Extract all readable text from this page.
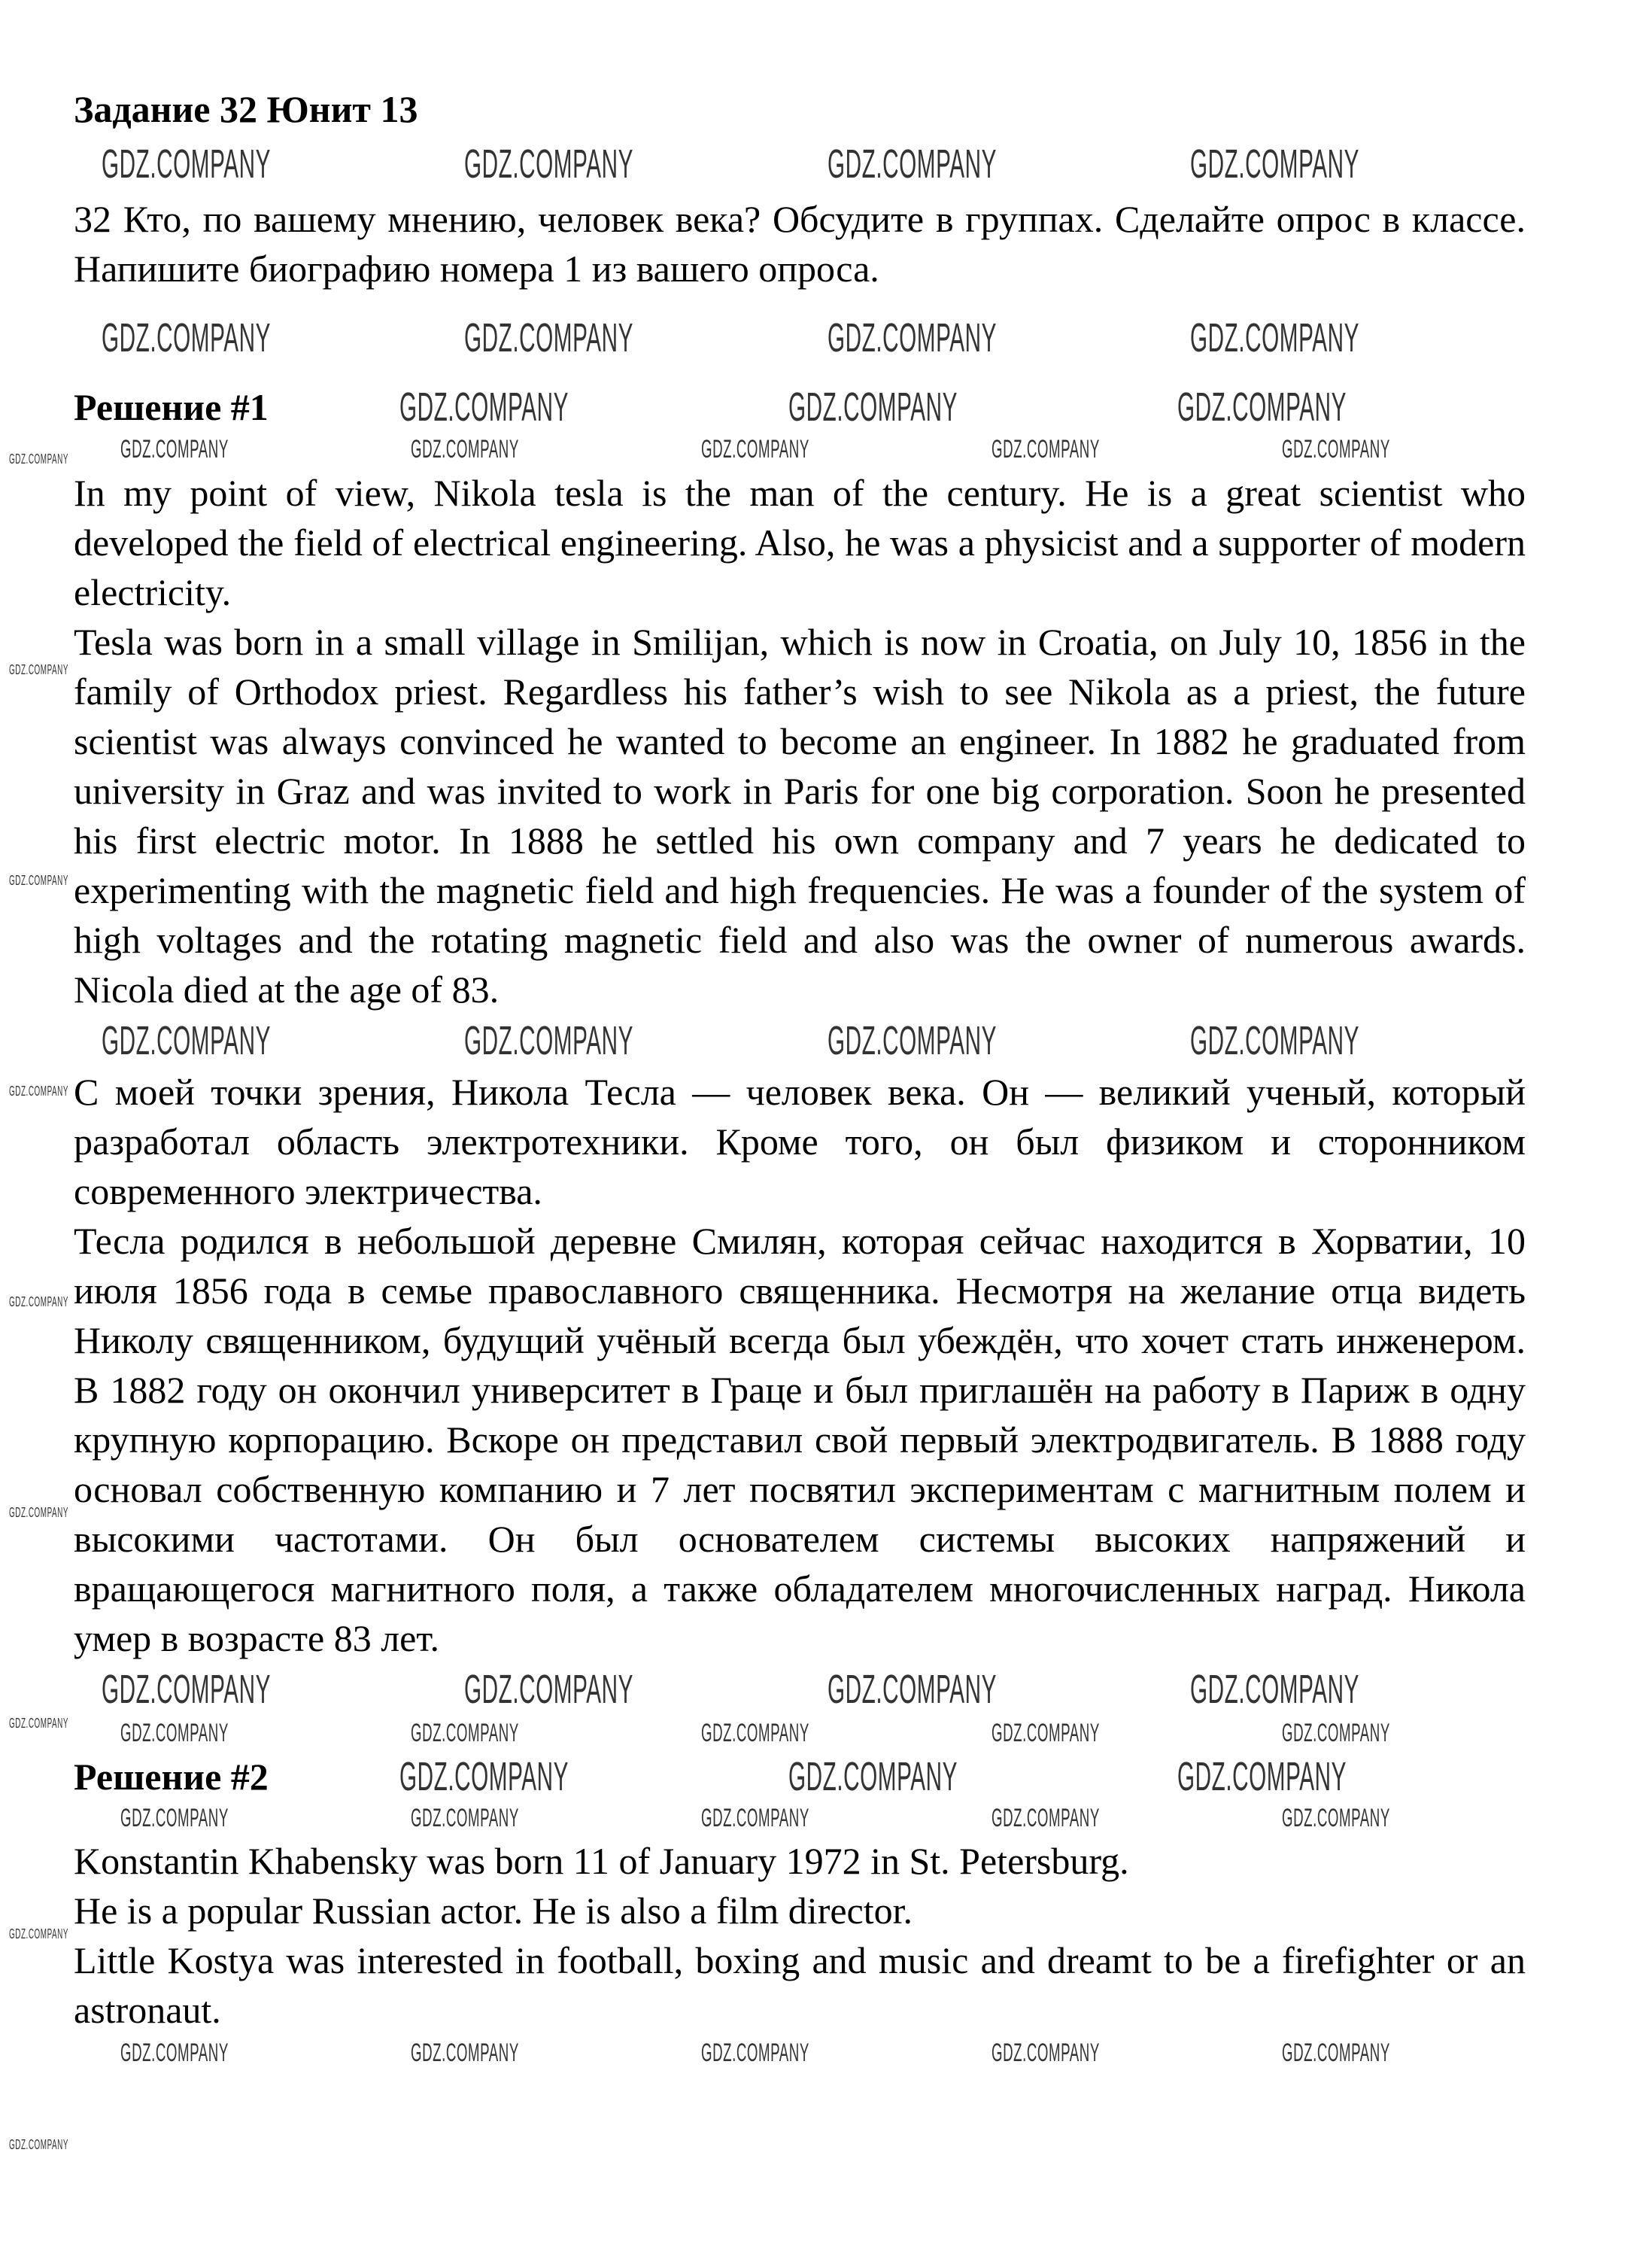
GDZ.COMPANY
GDZ.COMPANY
GDZ.COMPANY
GDZ.COMPANY
GDZ.COMPANY
GDZ.COMPANY
GDZ.COMPANY
GDZ.COMPANY
GDZ.COMPANY
Задание 32 Юнит 13
GDZ.COMPANY	GDZ.COMPANY	GDZ.COMPANY	GDZ.COMPANY

32 Кто, по вашему мнению, человек века? Обсудите в группах. Сделайте опрос в классе. Напишите биографию номера 1 из вашего опроса.

GDZ.COMPANY	GDZ.COMPANY	GDZ.COMPANY	GDZ.COMPANY
Решение #1	GDZ.COMPANY	GDZ.COMPANY	GDZ.COMPANY
GDZ.COMPANY	GDZ.COMPANY	GDZ.COMPANY	GDZ.COMPANY	GDZ.COMPANY

In my point of view, Nikola tesla is the man of the century. He is a great scientist who developed the field of electrical engineering. Also, he was a physicist and a supporter of modern electricity.

Tesla was born in a small village in Smilijan, which is now in Croatia, on July 10, 1856 in the family of Orthodox priest. Regardless his father’s wish to see Nikola as a priest, the future scientist was always convinced he wanted to become an engineer. In 1882 he graduated from university in Graz and was invited to work in Paris for one big corporation. Soon he presented his first electric motor. In 1888 he settled his own company and 7 years he dedicated to experimenting with the magnetic field and high frequencies. He was a founder of the system of high voltages and the rotating magnetic field and also was the owner of numerous awards. Nicola died at the age of 83.

GDZ.COMPANY	GDZ.COMPANY	GDZ.COMPANY	GDZ.COMPANY

С моей точки зрения, Никола Тесла — человек века. Он — великий ученый, который разработал область электротехники. Кроме того, он был физиком и сторонником современного электричества.

Тесла родился в небольшой деревне Смилян, которая сейчас находится в Хорватии, 10 июля 1856 года в семье православного священника. Несмотря на желание отца видеть Николу священником, будущий учёный всегда был убеждён, что хочет стать инженером. В 1882 году он окончил университет в Граце и был приглашён на работу в Париж в одну крупную корпорацию. Вскоре он представил свой первый электродвигатель. В 1888 году основал собственную компанию и 7 лет посвятил экспериментам с магнитным полем и высокими частотами. Он был основателем системы высоких напряжений и вращающегося магнитного поля, а также обладателем многочисленных наград. Никола умер в возрасте 83 лет.

GDZ.COMPANY	GDZ.COMPANY	GDZ.COMPANY	GDZ.COMPANY
GDZ.COMPANY	GDZ.COMPANY	GDZ.COMPANY	GDZ.COMPANY	GDZ.COMPANY
Решение #2	GDZ.COMPANY	GDZ.COMPANY	GDZ.COMPANY
GDZ.COMPANY	GDZ.COMPANY	GDZ.COMPANY	GDZ.COMPANY	GDZ.COMPANY

Konstantin Khabensky was born 11 of January 1972 in St. Petersburg.

He is a popular Russian actor. He is also a film director.

Little Kostya was interested in football, boxing and music and dreamt to be a firefighter or an astronaut.

GDZ.COMPANY	GDZ.COMPANY	GDZ.COMPANY	GDZ.COMPANY	GDZ.COMPANY
